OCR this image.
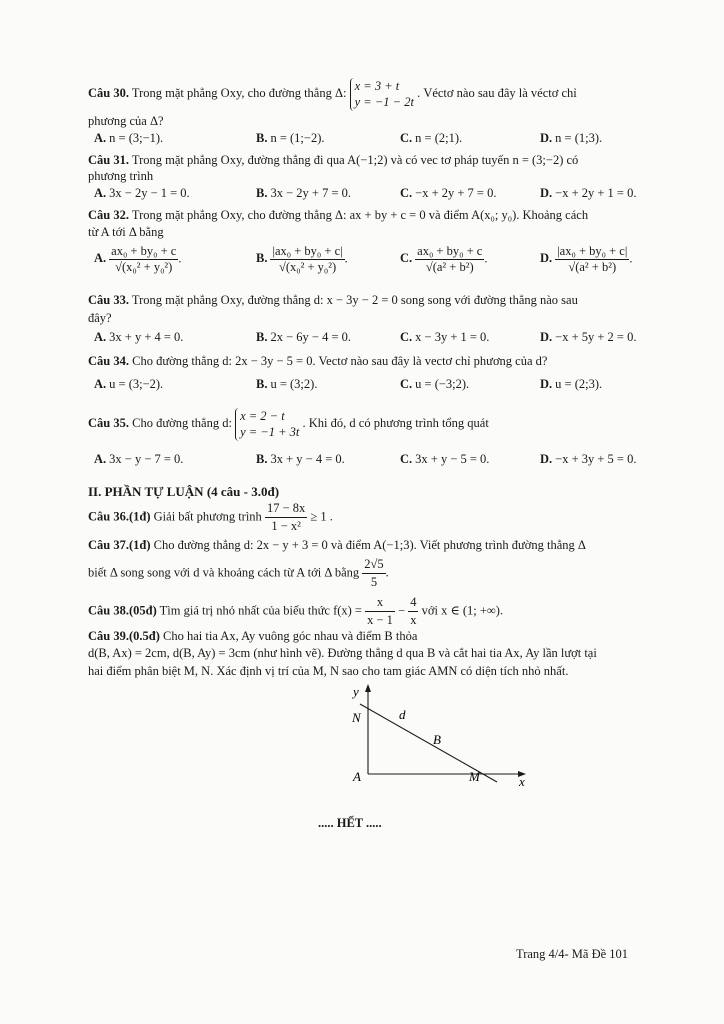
Câu 30. Trong mặt phẳng Oxy, cho đường thẳng Δ:
x = 3 + t
y = −1 − 2t
. Véctơ nào sau đây là véctơ chỉ
phương của Δ?
A. n = (3;−1).	B. n = (1;−2).	C. n = (2;1).	D. n = (1;3).
Câu 31. Trong mặt phẳng Oxy, đường thẳng đi qua A(−1;2) và có vec tơ pháp tuyến n = (3;−2) có
phương trình
A. 3x − 2y − 1 = 0.	B. 3x − 2y + 7 = 0.	C. −x + 2y + 7 = 0.	D. −x + 2y + 1 = 0.
Câu 32. Trong mặt phẳng Oxy, cho đường thẳng Δ: ax + by + c = 0 và điểm A(x₀; y₀). Khoảng cách
từ A tới Δ bằng
A. $\frac{\text{ax₀ + by₀ + c}}{\text{√(x₀² + y₀²)}}$ .	B. $\frac{\text{|ax₀ + by₀ + c|}}{\text{√(x₀² + y₀²)}}$ .	C. $\frac{\text{ax₀ + by₀ + c}}{\text{√(a² + b²)}}$ .	D. $\frac{\text{|ax₀ + by₀ + c|}}{\text{√(a² + b²)}}$ .
Câu 33. Trong mặt phẳng Oxy, đường thẳng d: x − 3y − 2 = 0 song song với đường thẳng nào sau
đây?
A. 3x + y + 4 = 0.	B. 2x − 6y − 4 = 0.	C. x − 3y + 1 = 0.	D. −x + 5y + 2 = 0.
Câu 34. Cho đường thẳng d: 2x − 3y − 5 = 0. Vectơ nào sau đây là vectơ chỉ phương của d?
A. u = (3;−2).	B. u = (3;2).	C. u = (−3;2).	D. u = (2;3).
Câu 35. Cho đường thẳng d:
x = 2 − t
y = −1 + 3t
. Khi đó, d có phương trình tổng quát
A. 3x − y − 7 = 0.	B. 3x + y − 4 = 0.	C. 3x + y − 5 = 0.	D. −x + 3y + 5 = 0.
II. PHẦN TỰ LUẬN (4 câu - 3.0đ)
Câu 36.(1đ) Giải bất phương trình $\frac{17 - 8x}{\text{1 − x²}} \ge 1$ .
Câu 37.(1đ) Cho đường thẳng d: 2x − y + 3 = 0 và điểm A(−1;3). Viết phương trình đường thẳng Δ
biết Δ song song với d và khoảng cách từ A tới Δ bằng $\frac{2√5}{5}$ .
Câu 38.(05đ) Tìm giá trị nhỏ nhất của biểu thức $f(x) = \frac{x}{x - 1} - \frac{4}{x}$ với x ∈ (1; +∞).
Câu 39.(0.5đ) Cho hai tia Ax, Ay vuông góc nhau và điểm B thỏa
d(B, Ax) = 2cm, d(B, Ay) = 3cm (như hình vẽ). Đường thẳng d qua B và cắt hai tia Ax, Ay lần lượt tại
hai điểm phân biệt M, N. Xác định vị trí của M, N sao cho tam giác AMN có diện tích nhỏ nhất.
y
N	d
B
A	M	x
..... HẾT .....
Trang 4/4- Mã Đề 101
